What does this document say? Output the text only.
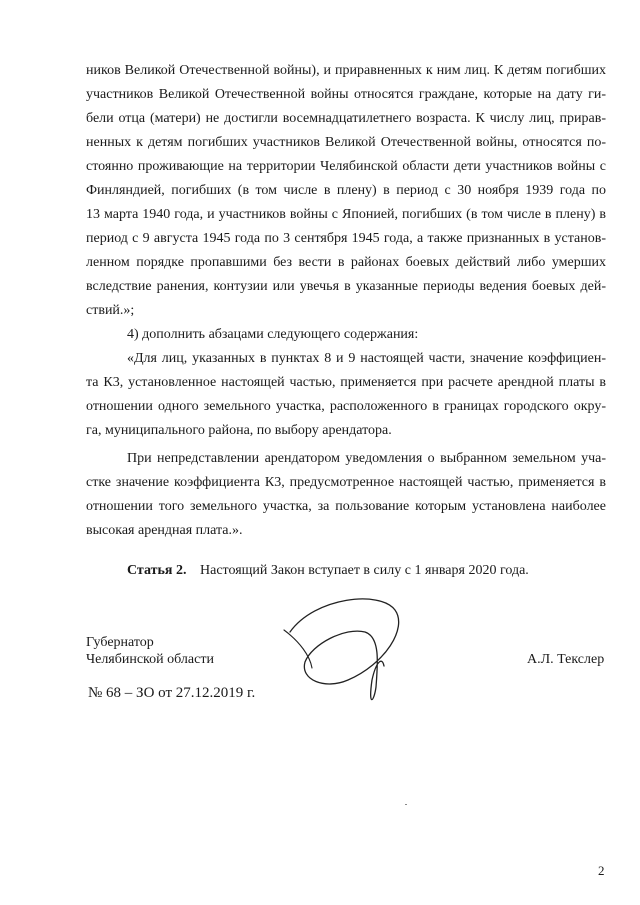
ников Великой Отечественной войны), и приравненных к ним лиц. К детям погибших
участников Великой Отечественной войны относятся граждане, которые на дату ги-
бели отца (матери) не достигли восемнадцатилетнего возраста. К числу лиц, прирав-
ненных к детям погибших участников Великой Отечественной войны, относятся по-
стоянно проживающие на территории Челябинской области дети участников войны с
Финляндией, погибших (в том числе в плену) в период с 30 ноября 1939 года по
13 марта 1940 года, и участников войны с Японией, погибших (в том числе в плену) в
период с 9 августа 1945 года по 3 сентября 1945 года, а также признанных в установ-
ленном порядке пропавшими без вести в районах боевых действий либо умерших
вследствие ранения, контузии или увечья в указанные периоды ведения боевых дей-
ствий.»;
4) дополнить абзацами следующего содержания:
«Для лиц, указанных в пунктах 8 и 9 настоящей части, значение коэффициен-
та К3, установленное настоящей частью, применяется при расчете арендной платы в
отношении одного земельного участка, расположенного в границах городского окру-
га, муниципального района, по выбору арендатора.
При непредставлении арендатором уведомления о выбранном земельном уча-
стке значение коэффициента К3, предусмотренное настоящей частью, применяется в
отношении того земельного участка, за пользование которым установлена наиболее
высокая арендная плата.».
Статья 2. Настоящий Закон вступает в силу с 1 января 2020 года.
Губернатор
Челябинской области	А.Л. Текслер
№ 68 – ЗО от 27.12.2019 г.
2
